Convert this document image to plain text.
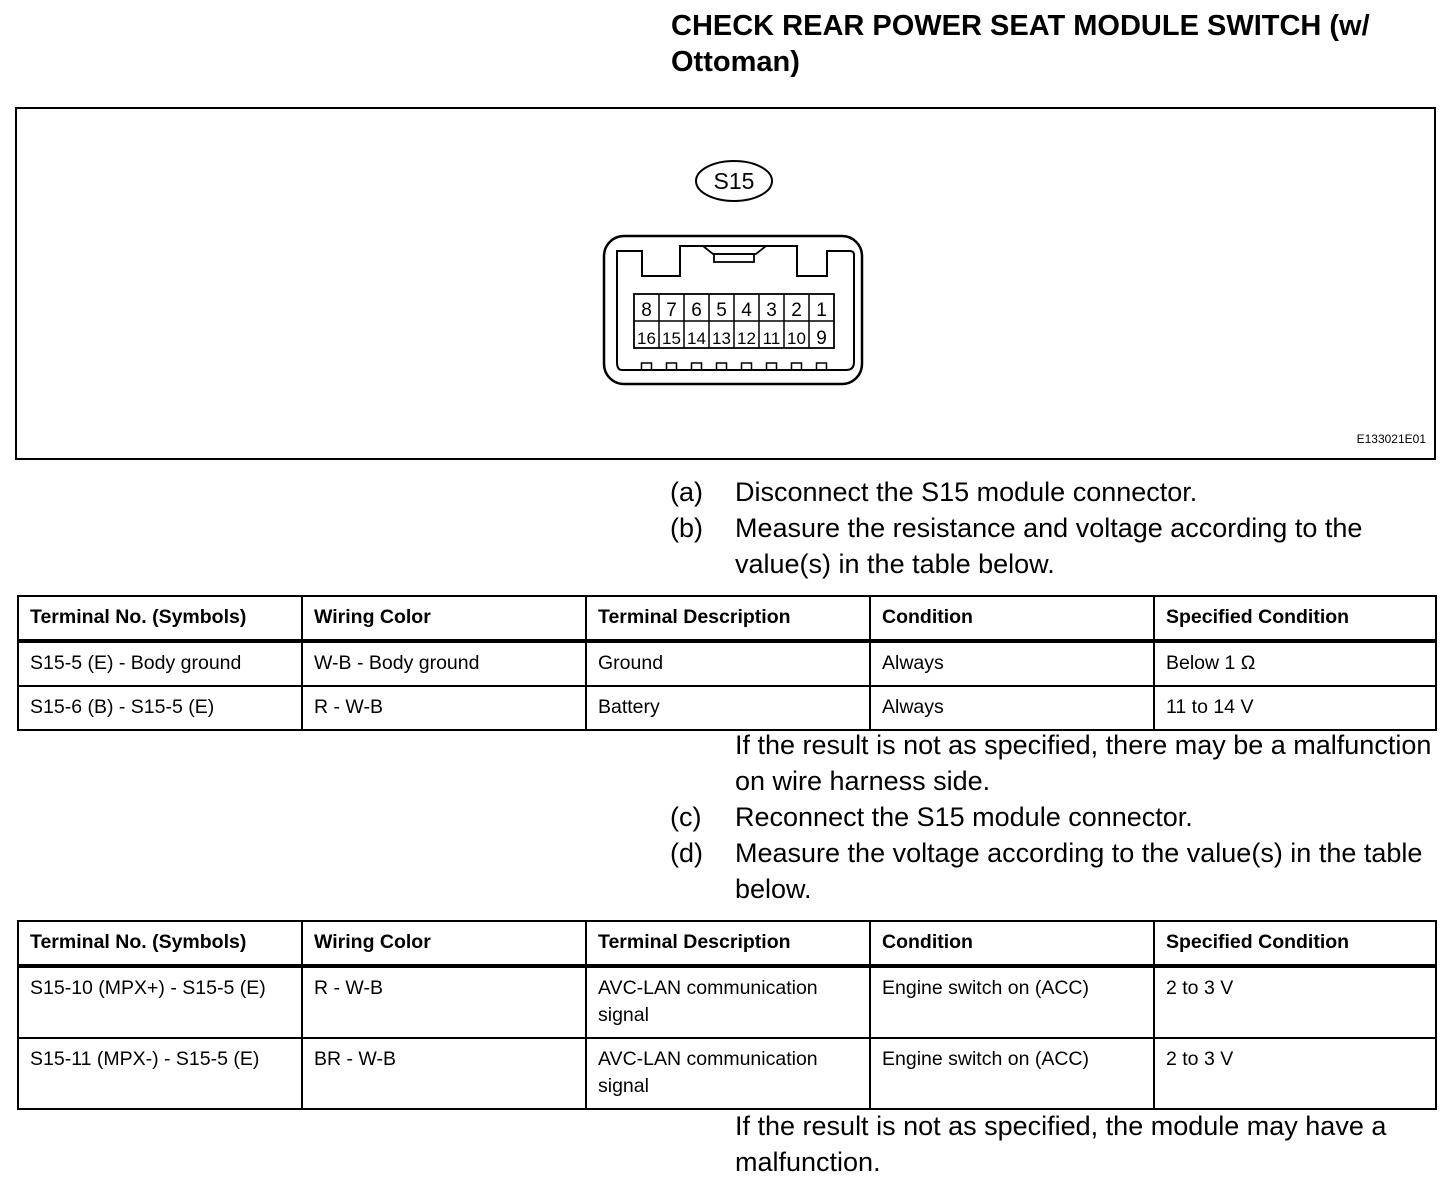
CHECK REAR POWER SEAT MODULE SWITCH (w/ Ottoman)
S15
8 7 6 5 4 3 2 1
16 15 14 13 12 11 10 9
E133021E01
(a) Disconnect the S15 module connector.
(b) Measure the resistance and voltage according to the value(s) in the table below.
Terminal No. (Symbols)	Wiring Color	Terminal Description	Condition	Specified Condition
S15-5 (E) - Body ground	W-B - Body ground	Ground	Always	Below 1 Ω
S15-6 (B) - S15-5 (E)	R - W-B	Battery	Always	11 to 14 V
If the result is not as specified, there may be a malfunction on wire harness side.
(c) Reconnect the S15 module connector.
(d) Measure the voltage according to the value(s) in the table below.
Terminal No. (Symbols)	Wiring Color	Terminal Description	Condition	Specified Condition
S15-10 (MPX+) - S15-5 (E)	R - W-B	AVC-LAN communication signal	Engine switch on (ACC)	2 to 3 V
S15-11 (MPX-) - S15-5 (E)	BR - W-B	AVC-LAN communication signal	Engine switch on (ACC)	2 to 3 V
If the result is not as specified, the module may have a malfunction.
